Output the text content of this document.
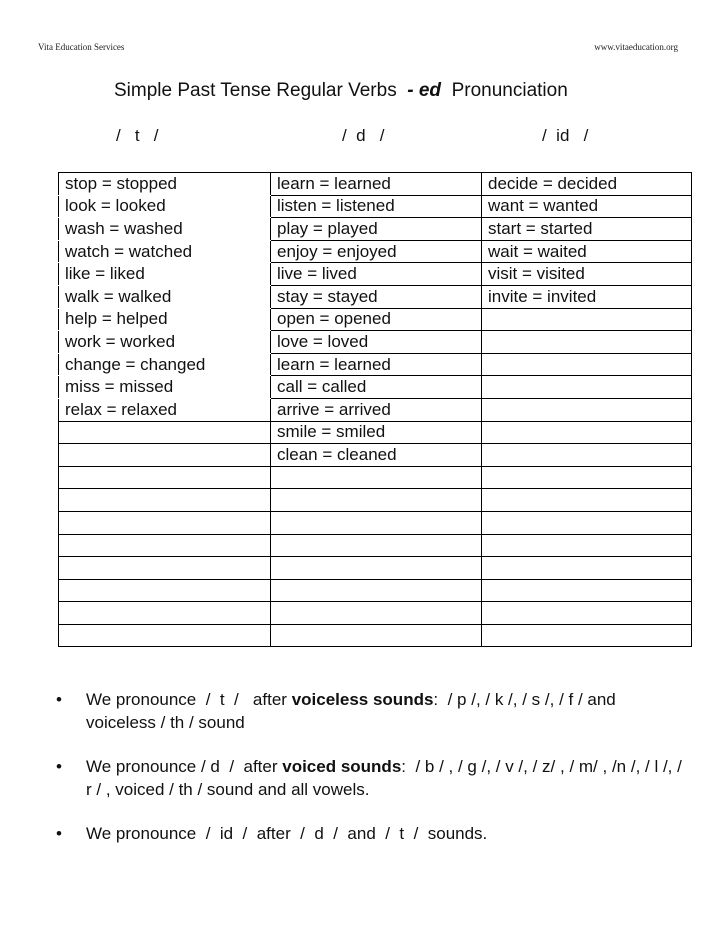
Vita Education Services	www.vitaeducation.org
Simple Past Tense Regular Verbs  - ed  Pronunciation
/   t   /	/  d   /	/  id   /
stop = stopped	learn = learned	decide = decided
look = looked	listen = listened	want = wanted
wash = washed	play = played	start = started
watch = watched	enjoy = enjoyed	wait = waited
like = liked	live = lived	visit = visited
walk = walked	stay = stayed	invite = invited
help = helped	open = opened	
work = worked	love = loved	
change = changed	learn = learned	
miss = missed	call = called	
relax = relaxed	arrive = arrived	
	smile = smiled	
	clean = cleaned	

• We pronounce  /  t  /   after voiceless sounds:  / p /, / k /, / s /, / f / and voiceless / th / sound
• We pronounce / d  /  after voiced sounds:  / b / , / g /, / v /, / z/ , / m/ , /n /, / l /, / r / , voiced / th / sound and all vowels.
• We pronounce  /  id  /  after  /  d  /  and  /  t  /  sounds.
